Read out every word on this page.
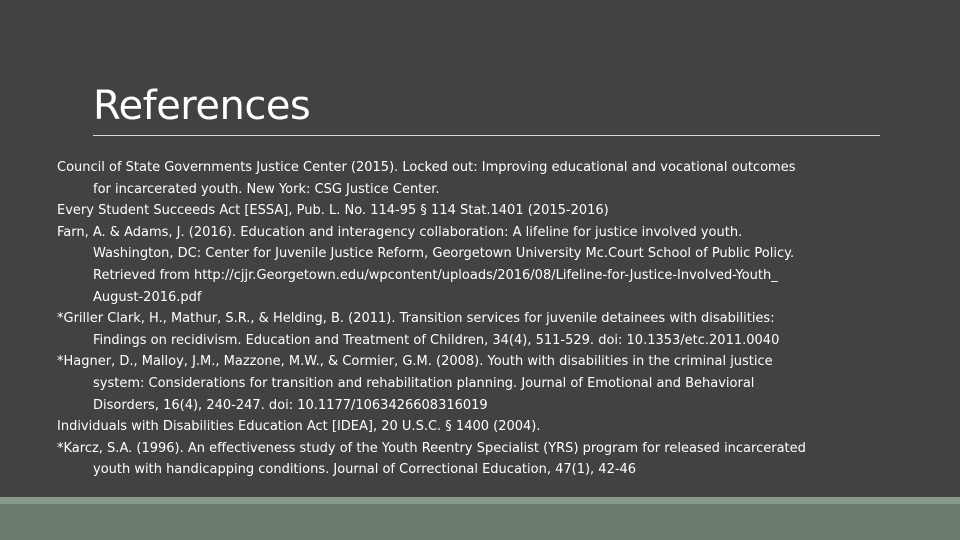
References
Council of State Governments Justice Center (2015). Locked out: Improving educational and vocational outcomes
for incarcerated youth. New York: CSG Justice Center.
Every Student Succeeds Act [ESSA], Pub. L. No. 114-95 § 114 Stat.1401 (2015-2016)
Farn, A. & Adams, J. (2016). Education and interagency collaboration: A lifeline for justice involved youth.
Washington, DC: Center for Juvenile Justice Reform, Georgetown University Mc.Court School of Public Policy.
Retrieved from http://cjjr.Georgetown.edu/wpcontent/uploads/2016/08/Lifeline-for-Justice-Involved-Youth_
August-2016.pdf
*Griller Clark, H., Mathur, S.R., & Helding, B. (2011). Transition services for juvenile detainees with disabilities:
Findings on recidivism. Education and Treatment of Children, 34(4), 511-529. doi: 10.1353/etc.2011.0040
*Hagner, D., Malloy, J.M., Mazzone, M.W., & Cormier, G.M. (2008). Youth with disabilities in the criminal justice
system: Considerations for transition and rehabilitation planning. Journal of Emotional and Behavioral
Disorders, 16(4), 240-247. doi: 10.1177/1063426608316019
Individuals with Disabilities Education Act [IDEA], 20 U.S.C. § 1400 (2004).
*Karcz, S.A. (1996). An effectiveness study of the Youth Reentry Specialist (YRS) program for released incarcerated
youth with handicapping conditions. Journal of Correctional Education, 47(1), 42-46
